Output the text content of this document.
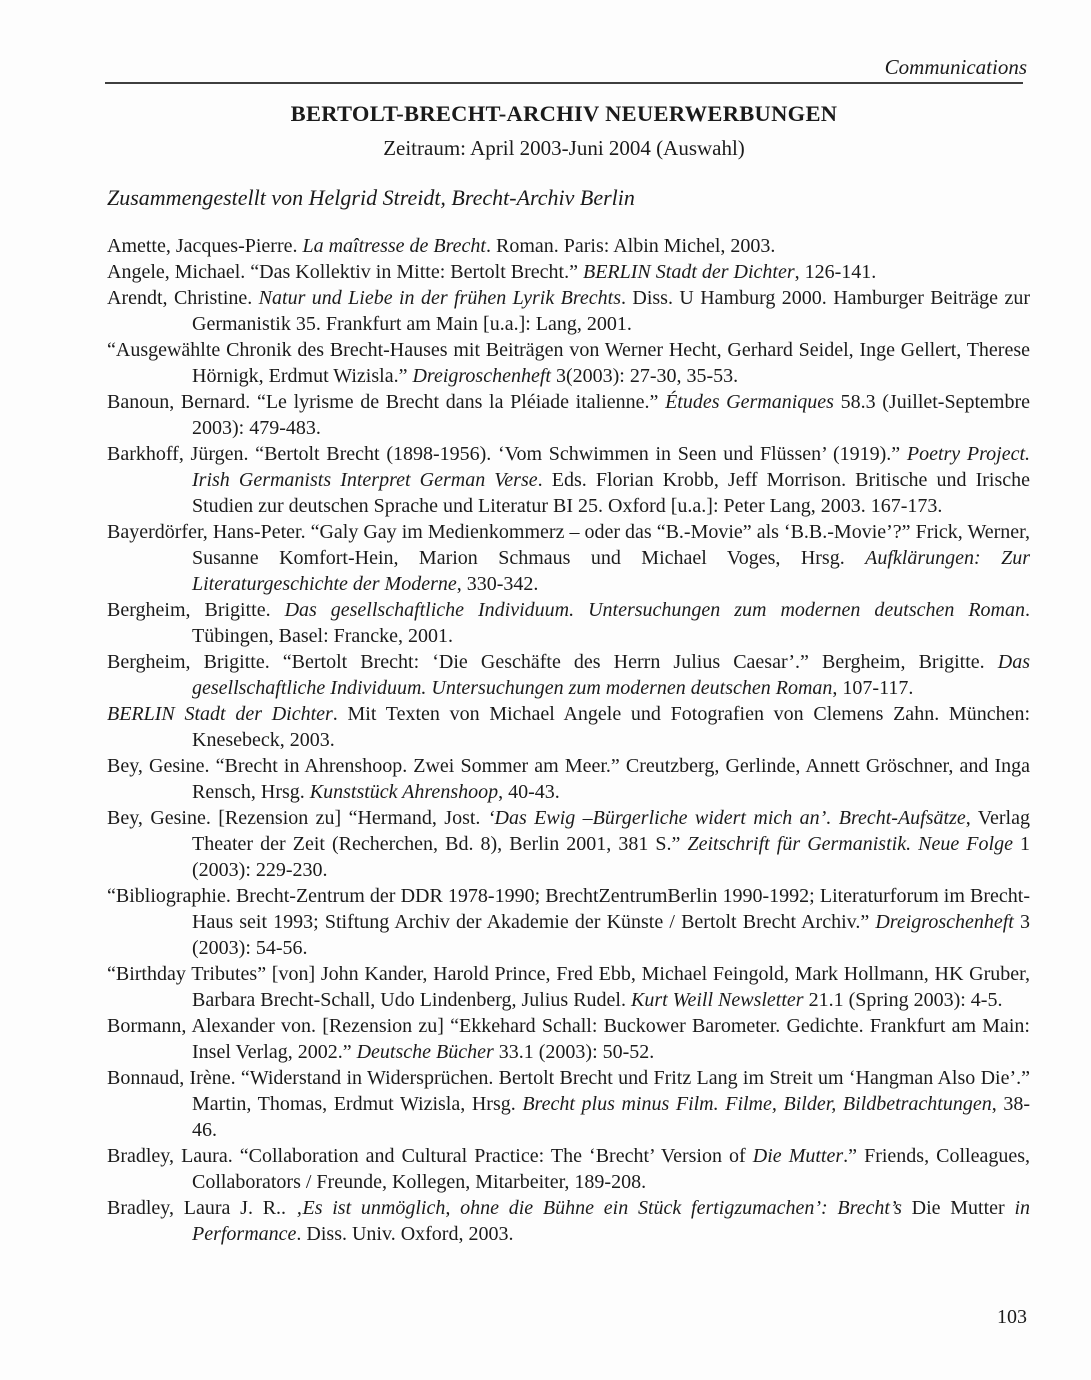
Communications
BERTOLT-BRECHT-ARCHIV NEUERWERBUNGEN
Zeitraum: April 2003-Juni 2004 (Auswahl)
Zusammengestellt von Helgrid Streidt, Brecht-Archiv Berlin

Amette, Jacques-Pierre. La maîtresse de Brecht. Roman. Paris: Albin Michel, 2003.

Angele, Michael. “Das Kollektiv in Mitte: Bertolt Brecht.” BERLIN Stadt der Dichter, 126-141.

Arendt, Christine. Natur und Liebe in der frühen Lyrik Brechts. Diss. U Hamburg 2000. Hamburger Beiträge zur Germanistik 35. Frankfurt am Main [u.a.]: Lang, 2001.

“Ausgewählte Chronik des Brecht-Hauses mit Beiträgen von Werner Hecht, Gerhard Seidel, Inge Gellert, Therese Hörnigk, Erdmut Wizisla.” Dreigroschenheft 3(2003): 27-30, 35-53.

Banoun, Bernard. “Le lyrisme de Brecht dans la Pléiade italienne.” Études Germaniques 58.3 (Juillet-Septembre 2003): 479-483.

Barkhoff, Jürgen. “Bertolt Brecht (1898-1956). ‘Vom Schwimmen in Seen und Flüssen’ (1919).” Poetry Project. Irish Germanists Interpret German Verse. Eds. Florian Krobb, Jeff Morrison. Britische und Irische Studien zur deutschen Sprache und Literatur BI 25. Oxford [u.a.]: Peter Lang, 2003. 167-173.

Bayerdörfer, Hans-Peter. “Galy Gay im Medienkommerz – oder das “B.-Movie” als ‘B.B.-Movie’?” Frick, Werner, Susanne Komfort-Hein, Marion Schmaus und Michael Voges, Hrsg. Aufklärungen: Zur Literaturgeschichte der Moderne, 330-342.

Bergheim, Brigitte. Das gesellschaftliche Individuum. Untersuchungen zum modernen deutschen Roman. Tübingen, Basel: Francke, 2001.

Bergheim, Brigitte. “Bertolt Brecht: ‘Die Geschäfte des Herrn Julius Caesar’.” Bergheim, Brigitte. Das gesellschaftliche Individuum. Untersuchungen zum modernen deutschen Roman, 107-117.

BERLIN Stadt der Dichter. Mit Texten von Michael Angele und Fotografien von Clemens Zahn. München: Knesebeck, 2003.

Bey, Gesine. “Brecht in Ahrenshoop. Zwei Sommer am Meer.” Creutzberg, Gerlinde, Annett Gröschner, and Inga Rensch, Hrsg. Kunststück Ahrenshoop, 40-43.

Bey, Gesine. [Rezension zu] “Hermand, Jost. ‘Das Ewig –Bürgerliche widert mich an’. Brecht-Aufsätze, Verlag Theater der Zeit (Recherchen, Bd. 8), Berlin 2001, 381 S.” Zeitschrift für Germanistik. Neue Folge 1 (2003): 229-230.

“Bibliographie. Brecht-Zentrum der DDR 1978-1990; BrechtZentrumBerlin 1990-1992; Literaturforum im Brecht-Haus seit 1993; Stiftung Archiv der Akademie der Künste / Bertolt Brecht Archiv.” Dreigroschenheft 3 (2003): 54-56.

“Birthday Tributes” [von] John Kander, Harold Prince, Fred Ebb, Michael Feingold, Mark Hollmann, HK Gruber, Barbara Brecht-Schall, Udo Lindenberg, Julius Rudel. Kurt Weill Newsletter 21.1 (Spring 2003): 4-5.

Bormann, Alexander von. [Rezension zu] “Ekkehard Schall: Buckower Barometer. Gedichte. Frankfurt am Main: Insel Verlag, 2002.” Deutsche Bücher 33.1 (2003): 50-52.

Bonnaud, Irène. “Widerstand in Widersprüchen. Bertolt Brecht und Fritz Lang im Streit um ‘Hangman Also Die’.” Martin, Thomas, Erdmut Wizisla, Hrsg. Brecht plus minus Film. Filme, Bilder, Bildbetrachtungen, 38-46.

Bradley, Laura. “Collaboration and Cultural Practice: The ‘Brecht’ Version of Die Mutter.” Friends, Colleagues, Collaborators / Freunde, Kollegen, Mitarbeiter, 189-208.

Bradley, Laura J. R.. ‚Es ist unmöglich, ohne die Bühne ein Stück fertigzumachen’: Brecht’s Die Mutter in Performance. Diss. Univ. Oxford, 2003.

103
